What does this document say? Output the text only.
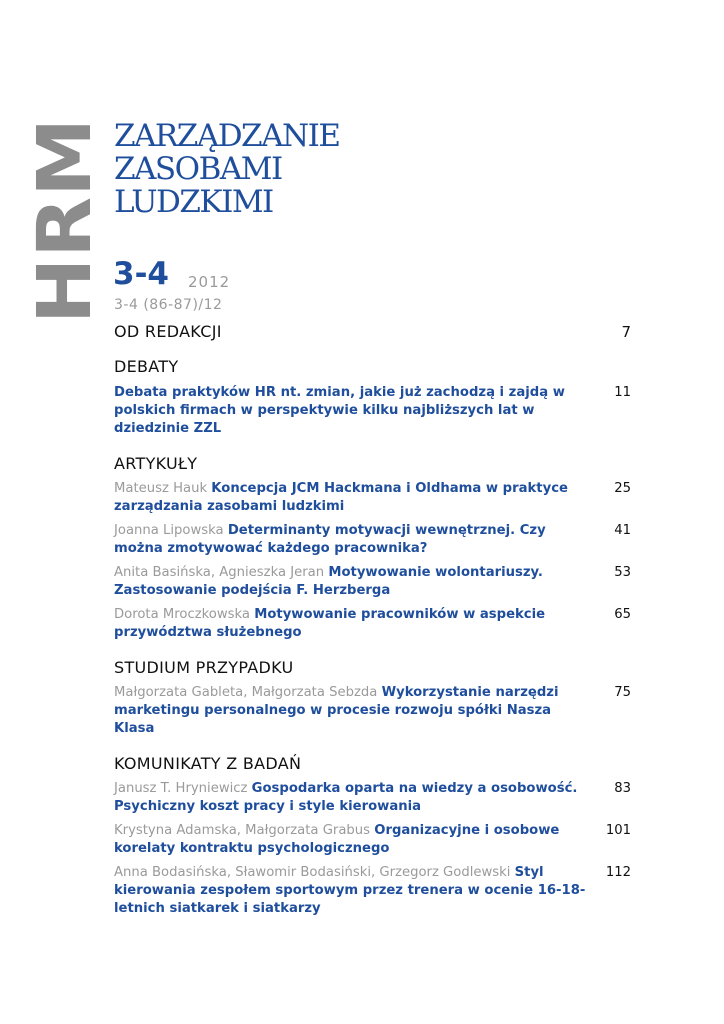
HRM ZARZĄDZANIE
ZASOBAMI
LUDZKIMI
3-4 2012
3-4 (86-87)/12
OD REDAKCJI	7
DEBATY
Debata praktyków HR nt. zmian, jakie już zachodzą i zajdą w polskich firmach w perspektywie kilku najbliższych lat w dziedzinie ZZL
11
ARTYKUŁY
Mateusz Hauk Koncepcja JCM Hackmana i Oldhama w praktyce zarządzania zasobami ludzkimi
25
Joanna Lipowska Determinanty motywacji wewnętrznej. Czy można zmotywować każdego pracownika?
41
Anita Basińska, Agnieszka Jeran Motywowanie wolontariuszy. Zastosowanie podejścia F. Herzberga
53
Dorota Mroczkowska Motywowanie pracowników w aspekcie przywództwa służebnego
65
STUDIUM PRZYPADKU
Małgorzata Gableta, Małgorzata Sebzda Wykorzystanie narzędzi marketingu personalnego w procesie rozwoju spółki Nasza Klasa
75
KOMUNIKATY Z BADAŃ
Janusz T. Hryniewicz Gospodarka oparta na wiedzy a osobowość. Psychiczny koszt pracy i style kierowania
83
Krystyna Adamska, Małgorzata Grabus Organizacyjne i osobowe korelaty kontraktu psychologicznego
101
Anna Bodasińska, Sławomir Bodasiński, Grzegorz Godlewski Styl kierowania zespołem sportowym przez trenera w ocenie 16-18-letnich siatkarek i siatkarzy
112
